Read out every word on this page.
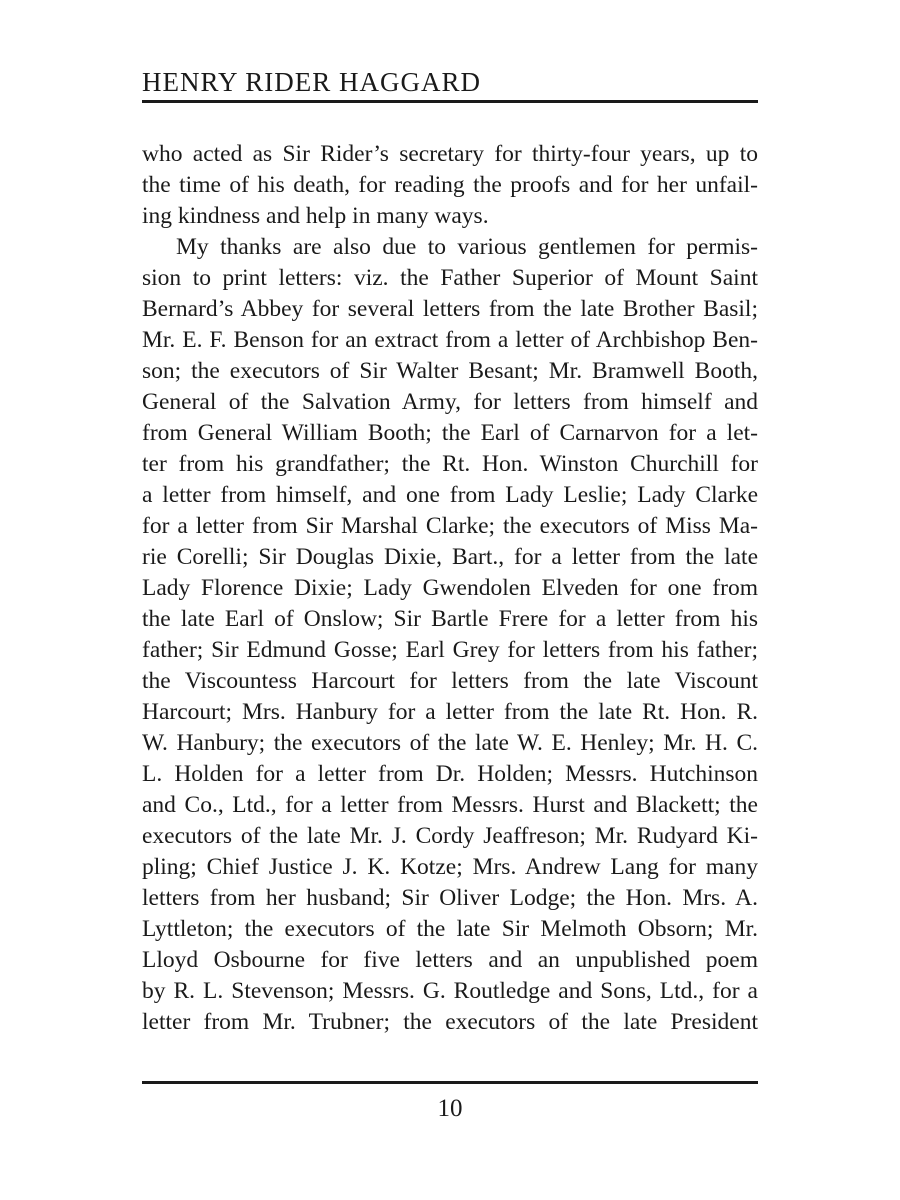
HENRY RIDER HAGGARD
who acted as Sir Rider’s secretary for thirty-four years, up to
the time of his death, for reading the proofs and for her unfail-
ing kindness and help in many ways.
My thanks are also due to various gentlemen for permis-
sion to print letters: viz. the Father Superior of Mount Saint
Bernard’s Abbey for several letters from the late Brother Basil;
Mr. E. F. Benson for an extract from a letter of Archbishop Ben-
son; the executors of Sir Walter Besant; Mr. Bramwell Booth,
General of the Salvation Army, for letters from himself and
from General William Booth; the Earl of Carnarvon for a let-
ter from his grandfather; the Rt. Hon. Winston Churchill for
a letter from himself, and one from Lady Leslie; Lady Clarke
for a letter from Sir Marshal Clarke; the executors of Miss Ma-
rie Corelli; Sir Douglas Dixie, Bart., for a letter from the late
Lady Florence Dixie; Lady Gwendolen Elveden for one from
the late Earl of Onslow; Sir Bartle Frere for a letter from his
father; Sir Edmund Gosse; Earl Grey for letters from his father;
the Viscountess Harcourt for letters from the late Viscount
Harcourt; Mrs. Hanbury for a letter from the late Rt. Hon. R.
W. Hanbury; the executors of the late W. E. Henley; Mr. H. C.
L. Holden for a letter from Dr. Holden; Messrs. Hutchinson
and Co., Ltd., for a letter from Messrs. Hurst and Blackett; the
executors of the late Mr. J. Cordy Jeaffreson; Mr. Rudyard Ki-
pling; Chief Justice J. K. Kotze; Mrs. Andrew Lang for many
letters from her husband; Sir Oliver Lodge; the Hon. Mrs. A.
Lyttleton; the executors of the late Sir Melmoth Obsorn; Mr.
Lloyd Osbourne for five letters and an unpublished poem
by R. L. Stevenson; Messrs. G. Routledge and Sons, Ltd., for a
letter from Mr. Trubner; the executors of the late President
10
